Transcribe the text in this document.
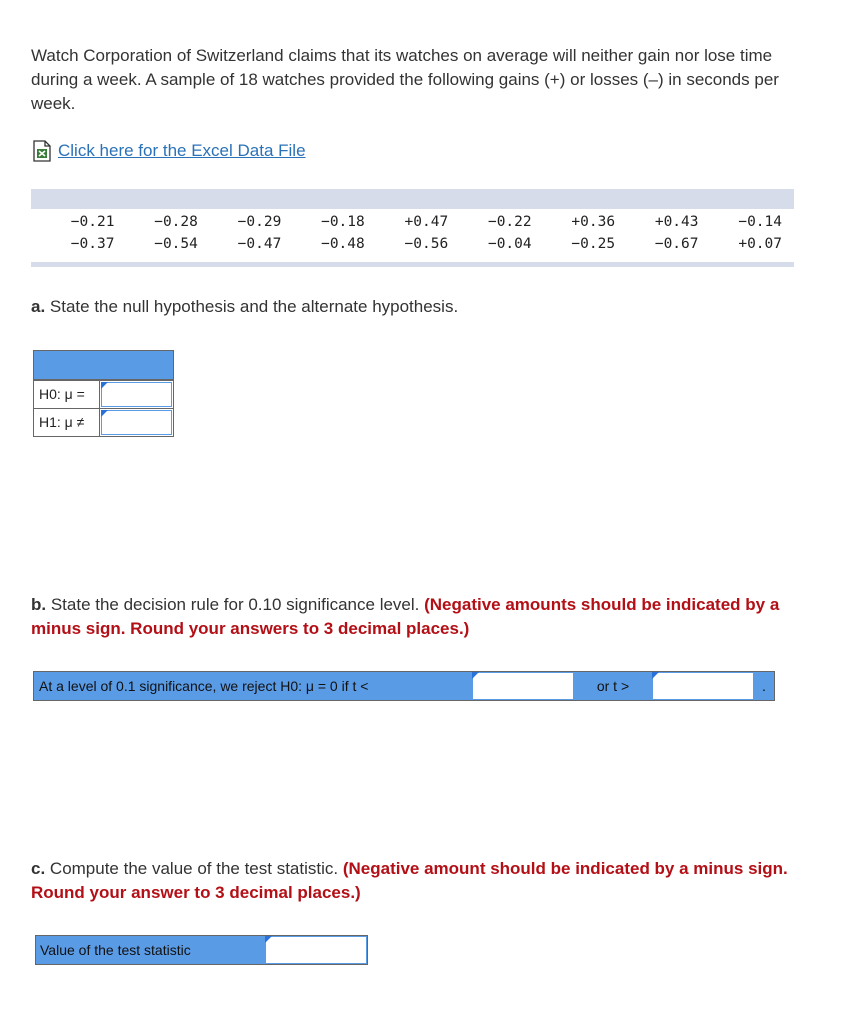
Watch Corporation of Switzerland claims that its watches on average will neither gain nor lose time during a week. A sample of 18 watches provided the following gains (+) or losses (–) in seconds per week.
Click here for the Excel Data File
−0.21	−0.28	−0.29	−0.18	+0.47	−0.22	+0.36	+0.43	−0.14
−0.37	−0.54	−0.47	−0.48	−0.56	−0.04	−0.25	−0.67	+0.07
a. State the null hypothesis and the alternate hypothesis.
H0: μ =
H1: μ ≠
b. State the decision rule for 0.10 significance level. (Negative amounts should be indicated by a minus sign. Round your answers to 3 decimal places.)
At a level of 0.1 significance, we reject H0: μ = 0 if t <	or t >	.
c. Compute the value of the test statistic. (Negative amount should be indicated by a minus sign. Round your answer to 3 decimal places.)
Value of the test statistic
